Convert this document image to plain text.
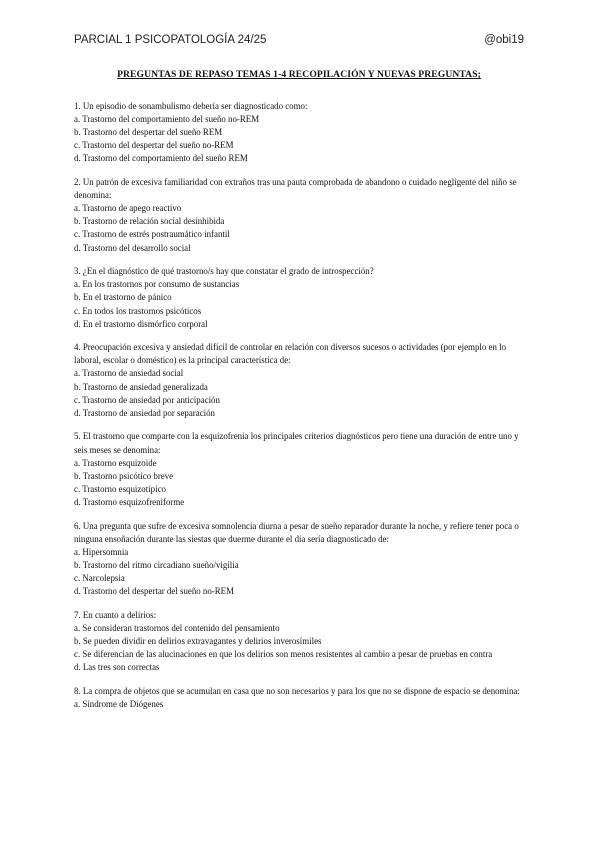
PARCIAL 1 PSICOPATOLOGÍA 24/25	@obi19
PREGUNTAS DE REPASO TEMAS 1-4 RECOPILACIÓN Y NUEVAS PREGUNTAS;

1. Un episodio de sonambulismo debería ser diagnosticado como:

a. Trastorno del comportamiento del sueño no-REM

b. Trastorno del despertar del sueño REM

c. Trastorno del despertar del sueño no-REM

d. Trastorno del comportamiento del sueño REM

2. Un patrón de excesiva familiaridad con extraños tras una pauta comprobada de abandono o cuidado negligente del niño se denomina:

a. Trastorno de apego reactivo

b. Trastorno de relación social desinhibida

c. Trastorno de estrés postraumático infantil

d. Trastorno del desarrollo social

3. ¿En el diagnóstico de qué trastorno/s hay que constatar el grado de introspección?

a. En los trastornos por consumo de sustancias

b. En el trastorno de pánico

c. En todos los trastornos psicóticos

d. En el trastorno dismórfico corporal

4. Preocupación excesiva y ansiedad difícil de controlar en relación con diversos sucesos o actividades (por ejemplo en lo laboral, escolar o doméstico) es la principal característica de:

a. Trastorno de ansiedad social

b. Trastorno de ansiedad generalizada

c. Trastorno de ansiedad por anticipación

d. Trastorno de ansiedad por separación

5. El trastorno que comparte con la esquizofrenia los principales criterios diagnósticos pero tiene una duración de entre uno y seis meses se denomina:

a. Trastorno esquizoide

b. Trastorno psicótico breve

c. Trastorno esquizotípico

d. Trastorno esquizofreniforme

6. Una pregunta que sufre de excesiva somnolencia diurna a pesar de sueño reparador durante la noche, y refiere tener poca o ninguna ensoñación durante las siestas que duerme durante el día sería diagnosticado de:

a. Hipersomnia

b. Trastorno del ritmo circadiano sueño/vigilia

c. Narcolepsia

d. Trastorno del despertar del sueño no-REM

7. En cuanto a delirios:

a. Se consideran trastornos del contenido del pensamiento

b. Se pueden dividir en delirios extravagantes y delirios inverosímiles

c. Se diferencian de las alucinaciones en que los delirios son menos resistentes al cambio a pesar de pruebas en contra

d. Las tres son correctas

8. La compra de objetos que se acumulan en casa que no son necesarios y para los que no se dispone de espacio se denomina:

a. Síndrome de Diógenes
